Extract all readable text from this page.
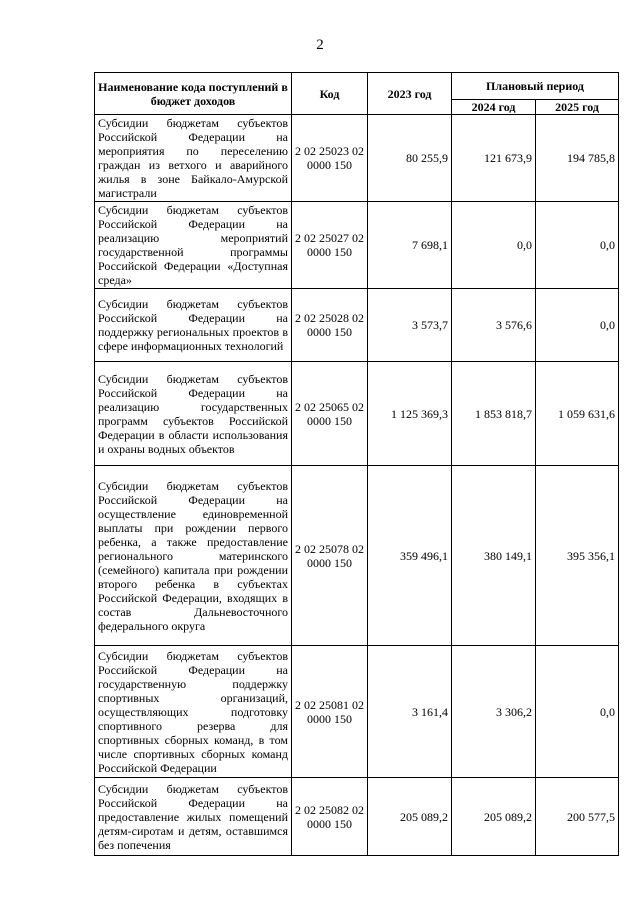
2
Наименование кода поступлений в бюджет доходов	Код	2023 год	Плановый период	
			2024 год	2025 год
Субсидии бюджетам субъектов Российской Федерации на мероприятия по переселению граждан из ветхого и аварийного жилья в зоне Байкало-Амурской магистрали	2 02 25023 02 0000 150	80 255,9	121 673,9	194 785,8
Субсидии бюджетам субъектов Российской Федерации на реализацию мероприятий государственной программы Российской Федерации «Доступная среда»	2 02 25027 02 0000 150	7 698,1	0,0	0,0
Субсидии бюджетам субъектов Российской Федерации на поддержку региональных проектов в сфере информационных технологий	2 02 25028 02 0000 150	3 573,7	3 576,6	0,0
Субсидии бюджетам субъектов Российской Федерации на реализацию государственных программ субъектов Российской Федерации в области использования и охраны водных объектов	2 02 25065 02 0000 150	1 125 369,3	1 853 818,7	1 059 631,6
Субсидии бюджетам субъектов Российской Федерации на осуществление единовременной выплаты при рождении первого ребенка, а также предоставление регионального материнского (семейного) капитала при рождении второго ребенка в субъектах Российской Федерации, входящих в состав Дальневосточного федерального округа	2 02 25078 02 0000 150	359 496,1	380 149,1	395 356,1
Субсидии бюджетам субъектов Российской Федерации на государственную поддержку спортивных организаций, осуществляющих подготовку спортивного резерва для спортивных сборных команд, в том числе спортивных сборных команд Российской Федерации	2 02 25081 02 0000 150	3 161,4	3 306,2	0,0
Субсидии бюджетам субъектов Российской Федерации на предоставление жилых помещений детям-сиротам и детям, оставшимся без попечения	2 02 25082 02 0000 150	205 089,2	205 089,2	200 577,5
